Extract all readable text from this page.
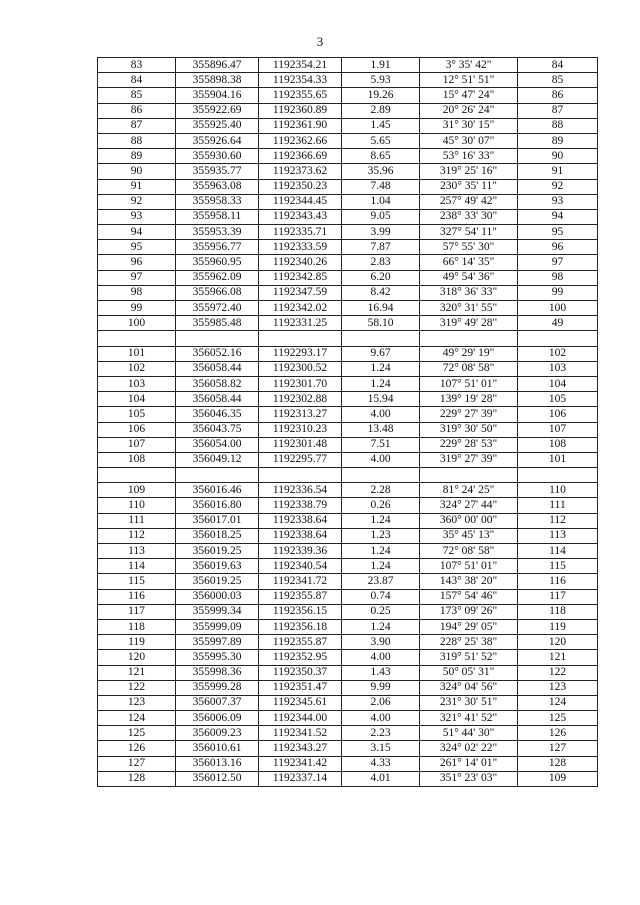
3
83	355896.47	1192354.21	1.91	3° 35' 42"	84
84	355898.38	1192354.33	5.93	12° 51' 51"	85
85	355904.16	1192355.65	19.26	15° 47' 24"	86
86	355922.69	1192360.89	2.89	20° 26' 24"	87
87	355925.40	1192361.90	1.45	31° 30' 15"	88
88	355926.64	1192362.66	5.65	45° 30' 07"	89
89	355930.60	1192366.69	8.65	53° 16' 33"	90
90	355935.77	1192373.62	35.96	319° 25' 16"	91
91	355963.08	1192350.23	7.48	230° 35' 11"	92
92	355958.33	1192344.45	1.04	257° 49' 42"	93
93	355958.11	1192343.43	9.05	238° 33' 30"	94
94	355953.39	1192335.71	3.99	327° 54' 11"	95
95	355956.77	1192333.59	7.87	57° 55' 30"	96
96	355960.95	1192340.26	2.83	66° 14' 35"	97
97	355962.09	1192342.85	6.20	49° 54' 36"	98
98	355966.08	1192347.59	8.42	318° 36' 33"	99
99	355972.40	1192342.02	16.94	320° 31' 55"	100
100	355985.48	1192331.25	58.10	319° 49' 28"	49

101	356052.16	1192293.17	9.67	49° 29' 19"	102
102	356058.44	1192300.52	1.24	72° 08' 58"	103
103	356058.82	1192301.70	1.24	107° 51' 01"	104
104	356058.44	1192302.88	15.94	139° 19' 28"	105
105	356046.35	1192313.27	4.00	229° 27' 39"	106
106	356043.75	1192310.23	13.48	319° 30' 50"	107
107	356054.00	1192301.48	7.51	229° 28' 53"	108
108	356049.12	1192295.77	4.00	319° 27' 39"	101

109	356016.46	1192336.54	2.28	81° 24' 25"	110
110	356016.80	1192338.79	0.26	324° 27' 44"	111
111	356017.01	1192338.64	1.24	360° 00' 00"	112
112	356018.25	1192338.64	1.23	35° 45' 13"	113
113	356019.25	1192339.36	1.24	72° 08' 58"	114
114	356019.63	1192340.54	1.24	107° 51' 01"	115
115	356019.25	1192341.72	23.87	143° 38' 20"	116
116	356000.03	1192355.87	0.74	157° 54' 46"	117
117	355999.34	1192356.15	0.25	173° 09' 26"	118
118	355999.09	1192356.18	1.24	194° 29' 05"	119
119	355997.89	1192355.87	3.90	228° 25' 38"	120
120	355995.30	1192352.95	4.00	319° 51' 52"	121
121	355998.36	1192350.37	1.43	50° 05' 31"	122
122	355999.28	1192351.47	9.99	324° 04' 56"	123
123	356007.37	1192345.61	2.06	231° 30' 51"	124
124	356006.09	1192344.00	4.00	321° 41' 52"	125
125	356009.23	1192341.52	2.23	51° 44' 30"	126
126	356010.61	1192343.27	3.15	324° 02' 22"	127
127	356013.16	1192341.42	4.33	261° 14' 01"	128
128	356012.50	1192337.14	4.01	351° 23' 03"	109
